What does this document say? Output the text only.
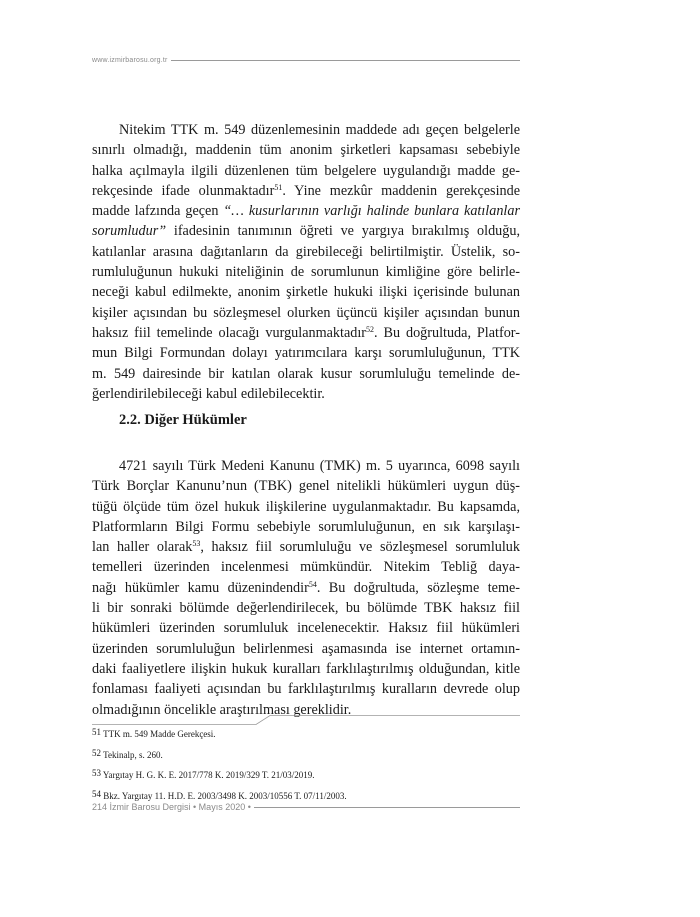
www.izmirbarosu.org.tr
Nitekim TTK m. 549 düzenlemesinin maddede adı geçen belgelerle
sınırlı olmadığı, maddenin tüm anonim şirketleri kapsaması sebebiyle
halka açılmayla ilgili düzenlenen tüm belgelere uygulandığı madde ge-
rekçesinde ifade olunmaktadır$^{51}$. Yine mezkûr maddenin gerekçesinde
madde lafzında geçen “… kusurlarının varlığı halinde bunlara katılanlar
sorumludur” ifadesinin tanımının öğreti ve yargıya bırakılmış olduğu,
katılanlar arasına dağıtanların da girebileceği belirtilmiştir. Üstelik, so-
rumluluğunun hukuki niteliğinin de sorumlunun kimliğine göre belirle-
neceği kabul edilmekte, anonim şirketle hukuki ilişki içerisinde bulunan
kişiler açısından bu sözleşmesel olurken üçüncü kişiler açısından bunun
haksız fiil temelinde olacağı vurgulanmaktadır$^{52}$. Bu doğrultuda, Platfor-
mun Bilgi Formundan dolayı yatırımcılara karşı sorumluluğunun, TTK
m. 549 dairesinde bir katılan olarak kusur sorumluluğu temelinde de-
ğerlendirilebileceği kabul edilebilecektir.
2.2. Diğer Hükümler
4721 sayılı Türk Medeni Kanunu (TMK) m. 5 uyarınca, 6098 sayılı
Türk Borçlar Kanunu’nun (TBK) genel nitelikli hükümleri uygun düş-
tüğü ölçüde tüm özel hukuk ilişkilerine uygulanmaktadır. Bu kapsamda,
Platformların Bilgi Formu sebebiyle sorumluluğunun, en sık karşılaşı-
lan haller olarak$^{53}$, haksız fiil sorumluluğu ve sözleşmesel sorumluluk
temelleri üzerinden incelenmesi mümkündür. Nitekim Tebliğ daya-
nağı hükümler kamu düzenindendir$^{54}$. Bu doğrultuda, sözleşme teme-
li bir sonraki bölümde değerlendirilecek, bu bölümde TBK haksız fiil
hükümleri üzerinden sorumluluk incelenecektir. Haksız fiil hükümleri
üzerinden sorumluluğun belirlenmesi aşamasında ise internet ortamın-
daki faaliyetlere ilişkin hukuk kuralları farklılaştırılmış olduğundan, kitle
fonlaması faaliyeti açısından bu farklılaştırılmış kuralların devrede olup
olmadığının öncelikle araştırılması gereklidir.
51 TTK m. 549 Madde Gerekçesi.
52 Tekinalp, s. 260.
53 Yargıtay H. G. K. E. 2017/778 K. 2019/329 T. 21/03/2019.
54 Bkz. Yargıtay 11. H.D. E. 2003/3498 K. 2003/10556 T. 07/11/2003.
214 İzmir Barosu Dergisi • Mayıs 2020 •
